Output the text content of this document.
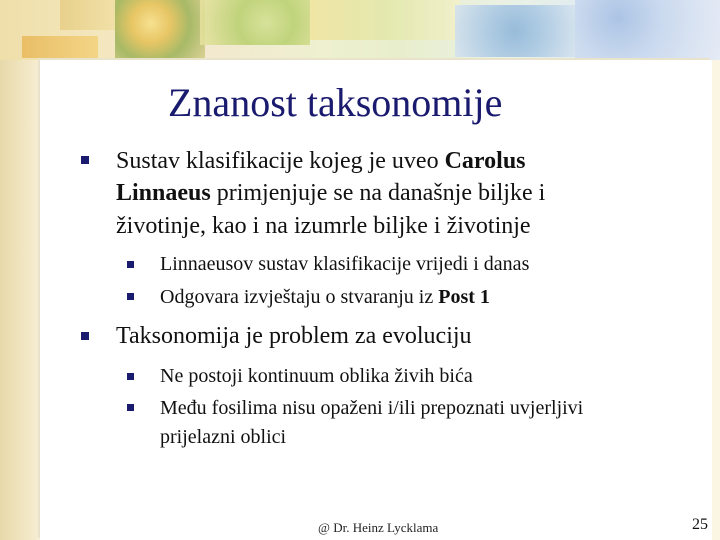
Znanost taksonomije
Sustav klasifikacije kojeg je uveo Carolus
Linnaeus primjenjuje se na današnje biljke i
životinje, kao i na izumrle biljke i životinje
Linnaeusov sustav klasifikacije vrijedi i danas
Odgovara izvještaju o stvaranju iz Post 1
Taksonomija je problem za evoluciju
Ne postoji kontinuum oblika živih bića
Među fosilima nisu opaženi i/ili prepoznati uvjerljivi
prijelazni oblici
@ Dr. Heinz Lycklama	25
